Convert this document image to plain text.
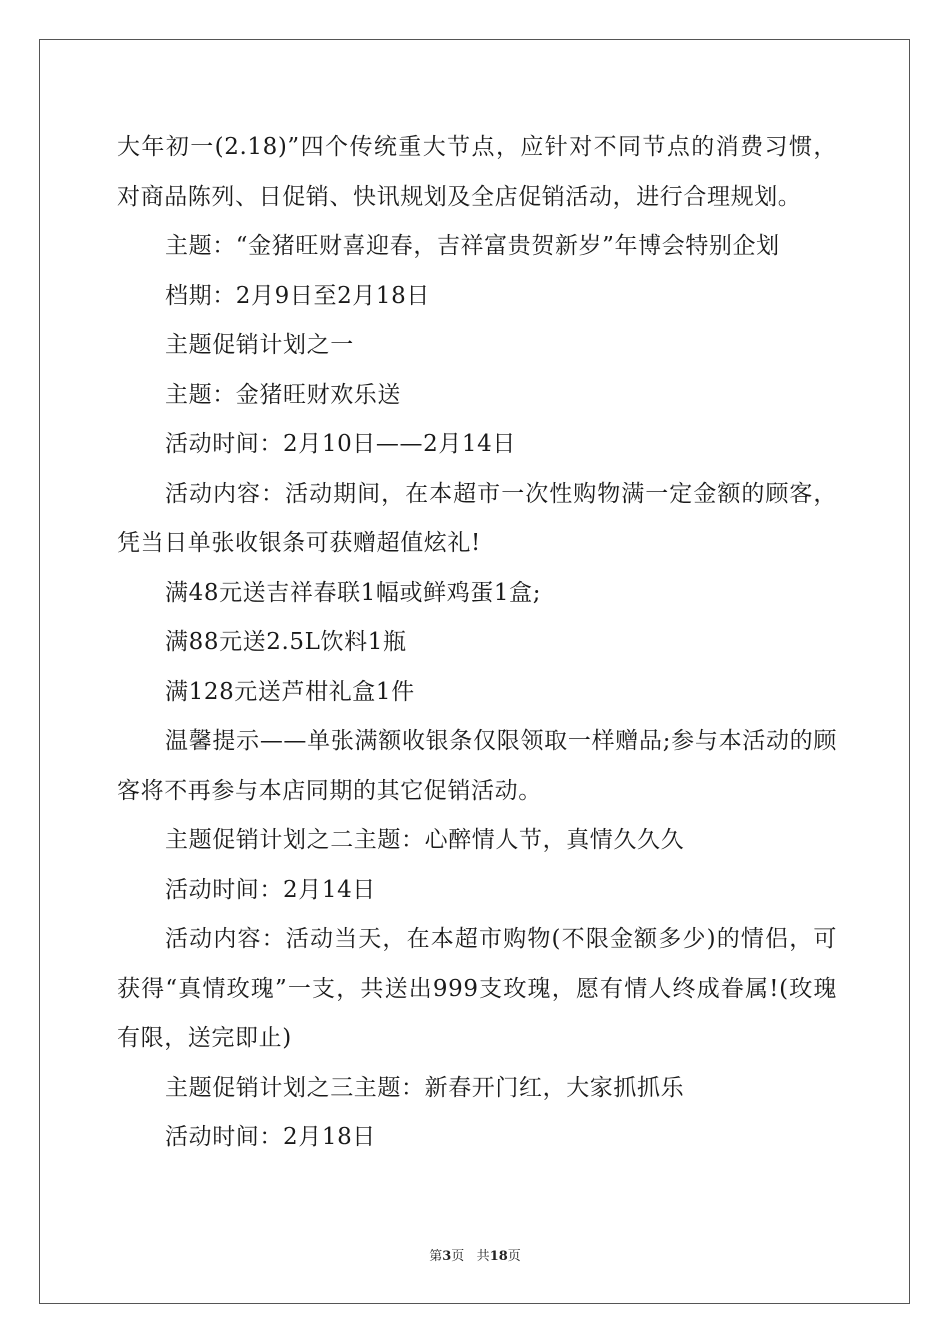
大年初一(2.18)”四个传统重大节点，应针对不同节点的消费习惯，对商品陈列、日促销、快讯规划及全店促销活动，进行合理规划。

主题：“金猪旺财喜迎春，吉祥富贵贺新岁”年博会特别企划

档期：2月9日至2月18日

主题促销计划之一

主题：金猪旺财欢乐送

活动时间：2月10日——2月14日

活动内容：活动期间，在本超市一次性购物满一定金额的顾客，凭当日单张收银条可获赠超值炫礼!

满48元送吉祥春联1幅或鲜鸡蛋1盒;

满88元送2.5L饮料1瓶

满128元送芦柑礼盒1件

温馨提示——单张满额收银条仅限领取一样赠品;参与本活动的顾客将不再参与本店同期的其它促销活动。

主题促销计划之二主题：心醉情人节，真情久久久

活动时间：2月14日

活动内容：活动当天，在本超市购物(不限金额多少)的情侣，可获得“真情玫瑰”一支，共送出999支玫瑰，愿有情人终成眷属!(玫瑰有限，送完即止)

主题促销计划之三主题：新春开门红，大家抓抓乐

活动时间：2月18日

第3页 共18页
